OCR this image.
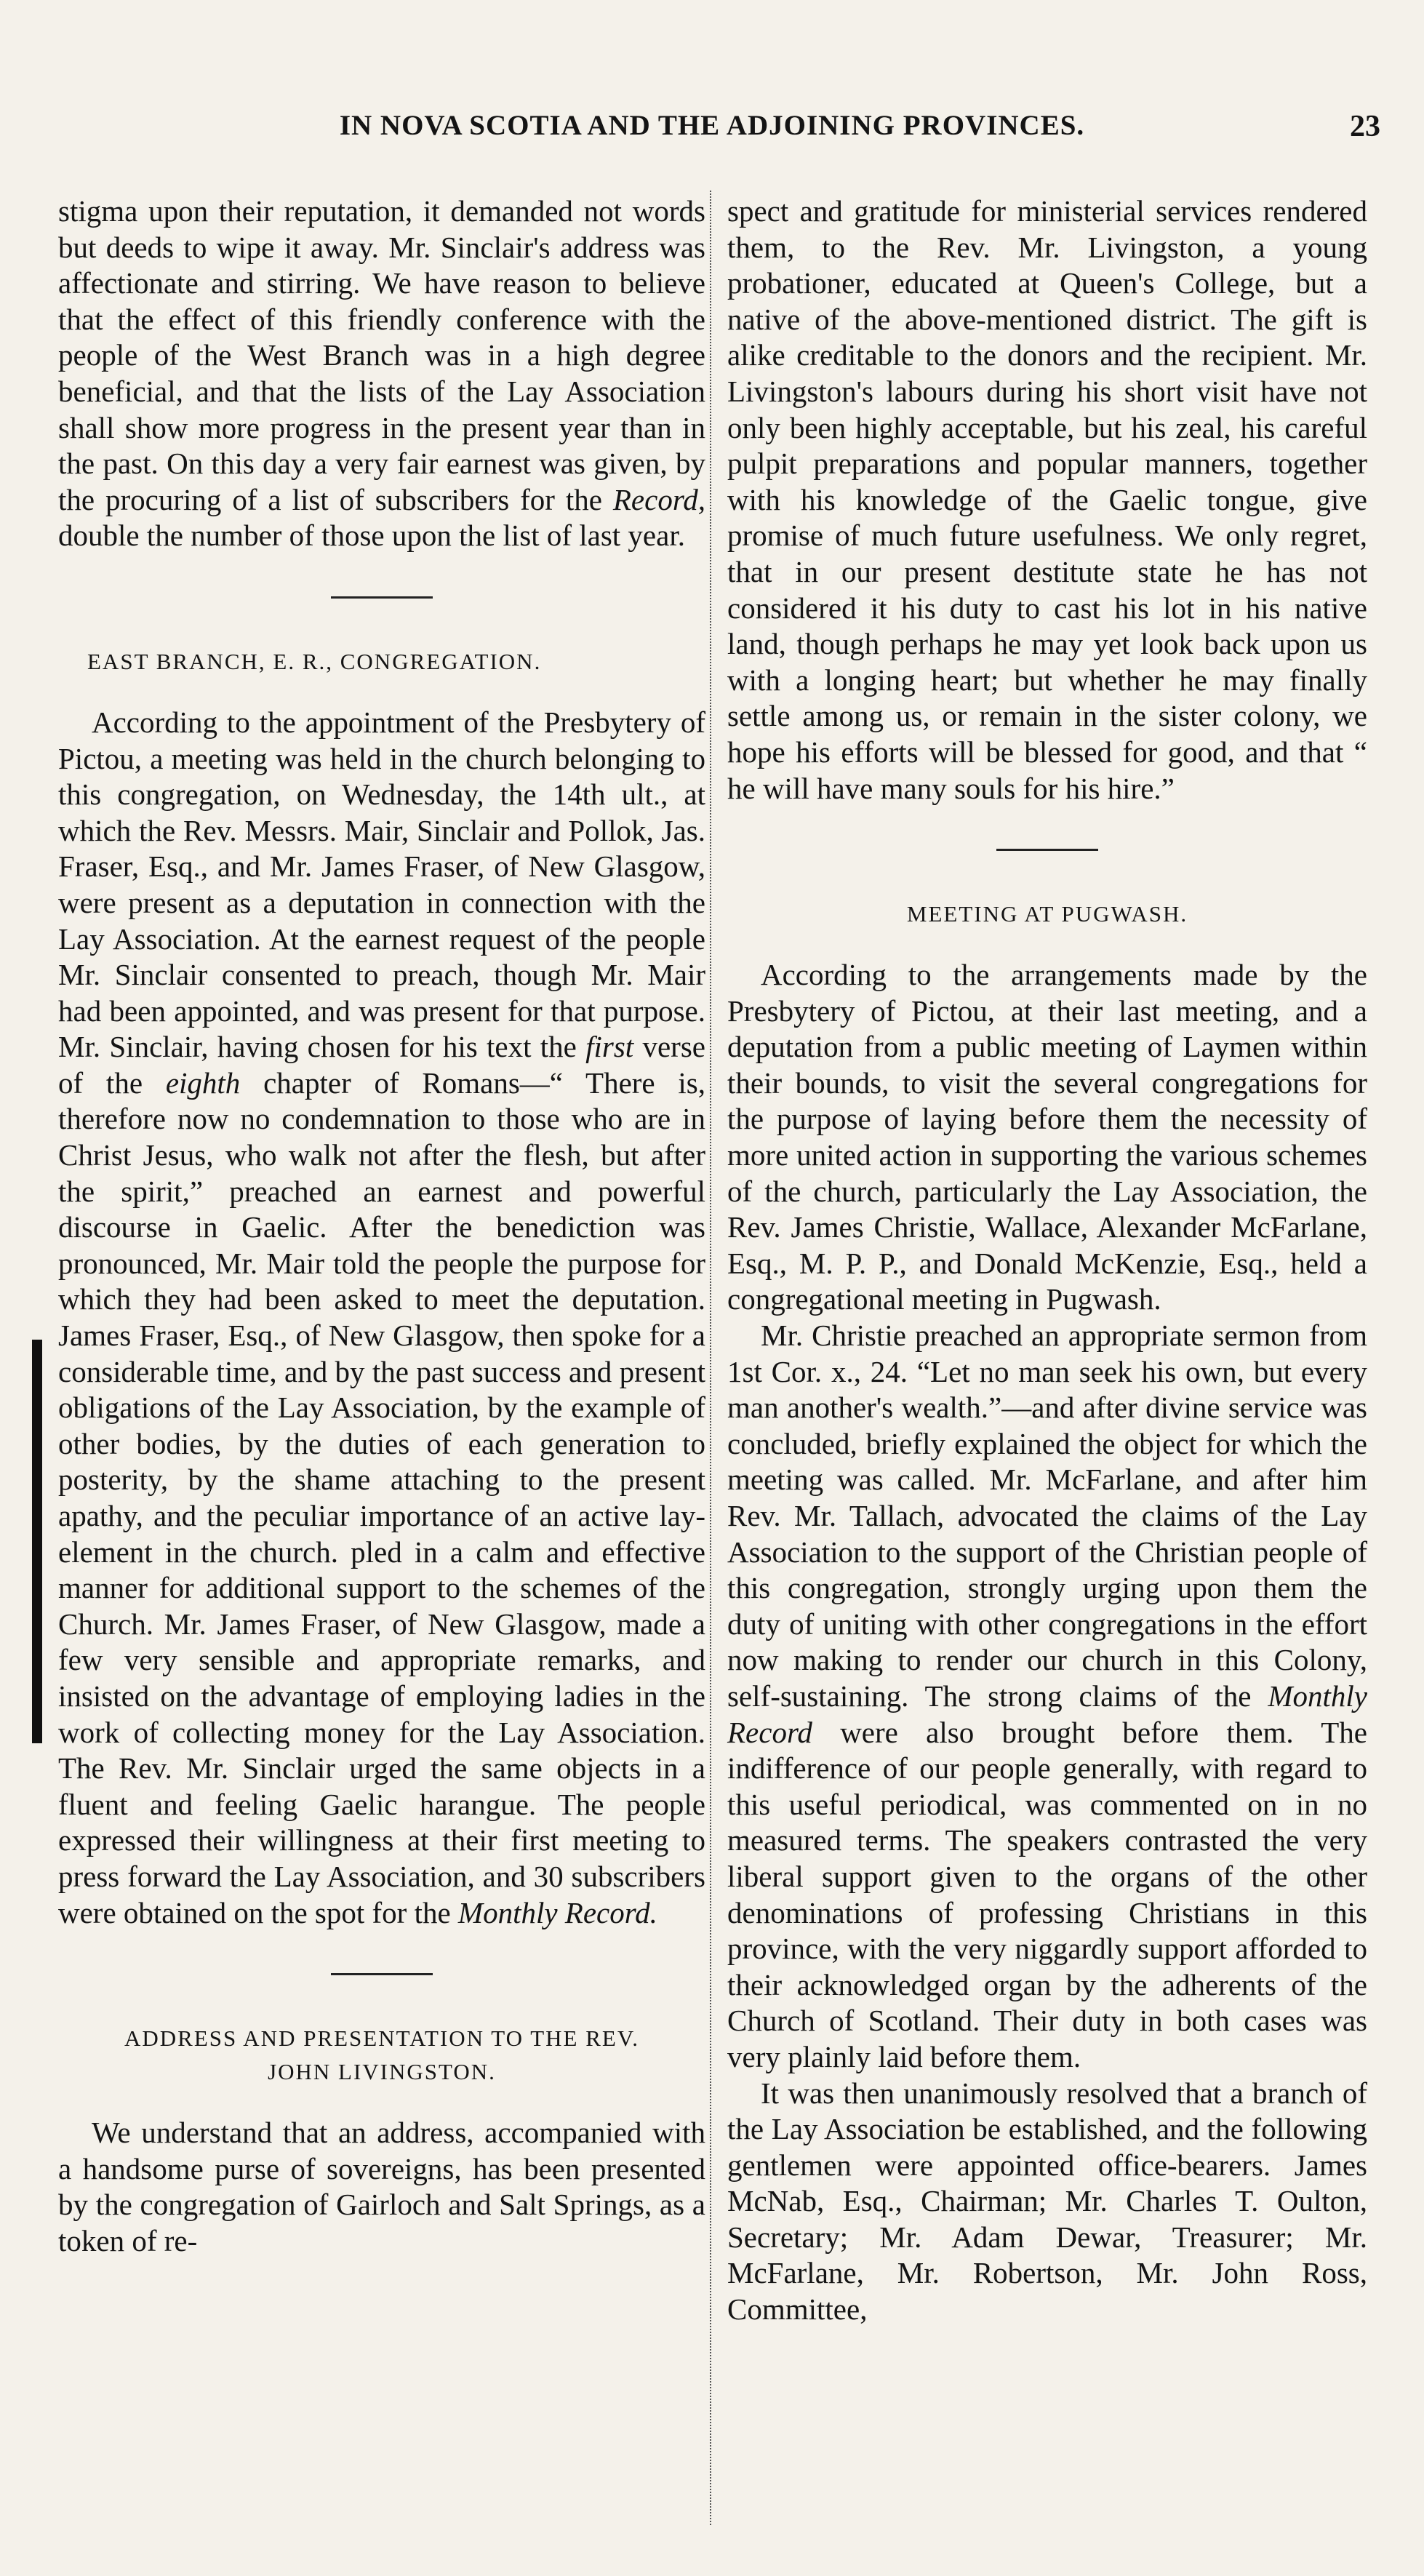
IN NOVA SCOTIA AND THE ADJOINING PROVINCES.	23

stigma upon their reputation, it demanded not words but deeds to wipe it away. Mr. Sinclair's address was affectionate and stirring. We have reason to believe that the effect of this friendly conference with the people of the West Branch was in a high degree beneficial, and that the lists of the Lay Association shall show more progress in the present year than in the past. On this day a very fair earnest was given, by the procuring of a list of subscribers for the Record, double the number of those upon the list of last year.

EAST BRANCH, E. R., CONGREGATION.

According to the appointment of the Presbytery of Pictou, a meeting was held in the church belonging to this congregation, on Wednesday, the 14th ult., at which the Rev. Messrs. Mair, Sinclair and Pollok, Jas. Fraser, Esq., and Mr. James Fraser, of New Glasgow, were present as a deputation in connection with the Lay Association. At the earnest request of the people Mr. Sinclair consented to preach, though Mr. Mair had been appointed, and was present for that purpose. Mr. Sinclair, having chosen for his text the first verse of the eighth chapter of Romans—“ There is, therefore now no condemnation to those who are in Christ Jesus, who walk not after the flesh, but after the spirit,” preached an earnest and powerful discourse in Gaelic. After the benediction was pronounced, Mr. Mair told the people the purpose for which they had been asked to meet the deputation. James Fraser, Esq., of New Glasgow, then spoke for a considerable time, and by the past success and present obligations of the Lay Association, by the example of other bodies, by the duties of each generation to posterity, by the shame attaching to the present apathy, and the peculiar importance of an active lay-element in the church. pled in a calm and effective manner for additional support to the schemes of the Church. Mr. James Fraser, of New Glasgow, made a few very sensible and appropriate remarks, and insisted on the advantage of employing ladies in the work of collecting money for the Lay Association. The Rev. Mr. Sinclair urged the same objects in a fluent and feeling Gaelic harangue. The people expressed their willingness at their first meeting to press forward the Lay Association, and 30 subscribers were obtained on the spot for the Monthly Record.

ADDRESS AND PRESENTATION TO THE REV.
JOHN LIVINGSTON.

We understand that an address, accompanied with a handsome purse of sovereigns, has been presented by the congregation of Gairloch and Salt Springs, as a token of re-

spect and gratitude for ministerial services rendered them, to the Rev. Mr. Livingston, a young probationer, educated at Queen's College, but a native of the above-mentioned district. The gift is alike creditable to the donors and the recipient. Mr. Livingston's labours during his short visit have not only been highly acceptable, but his zeal, his careful pulpit preparations and popular manners, together with his knowledge of the Gaelic tongue, give promise of much future usefulness. We only regret, that in our present destitute state he has not considered it his duty to cast his lot in his native land, though perhaps he may yet look back upon us with a longing heart; but whether he may finally settle among us, or remain in the sister colony, we hope his efforts will be blessed for good, and that “ he will have many souls for his hire.”

MEETING AT PUGWASH.

According to the arrangements made by the Presbytery of Pictou, at their last meeting, and a deputation from a public meeting of Laymen within their bounds, to visit the several congregations for the purpose of laying before them the necessity of more united action in supporting the various schemes of the church, particularly the Lay Association, the Rev. James Christie, Wallace, Alexander McFarlane, Esq., M. P. P., and Donald McKenzie, Esq., held a congregational meeting in Pugwash.

Mr. Christie preached an appropriate sermon from 1st Cor. x., 24. “Let no man seek his own, but every man another's wealth.”—and after divine service was concluded, briefly explained the object for which the meeting was called. Mr. McFarlane, and after him Rev. Mr. Tallach, advocated the claims of the Lay Association to the support of the Christian people of this congregation, strongly urging upon them the duty of uniting with other congregations in the effort now making to render our church in this Colony, self-sustaining. The strong claims of the Monthly Record were also brought before them. The indifference of our people generally, with regard to this useful periodical, was commented on in no measured terms. The speakers contrasted the very liberal support given to the organs of the other denominations of professing Christians in this province, with the very niggardly support afforded to their acknowledged organ by the adherents of the Church of Scotland. Their duty in both cases was very plainly laid before them.

It was then unanimously resolved that a branch of the Lay Association be established, and the following gentlemen were appointed office-bearers. James McNab, Esq., Chairman; Mr. Charles T. Oulton, Secretary; Mr. Adam Dewar, Treasurer; Mr. McFarlane, Mr. Robertson, Mr. John Ross, Committee,
